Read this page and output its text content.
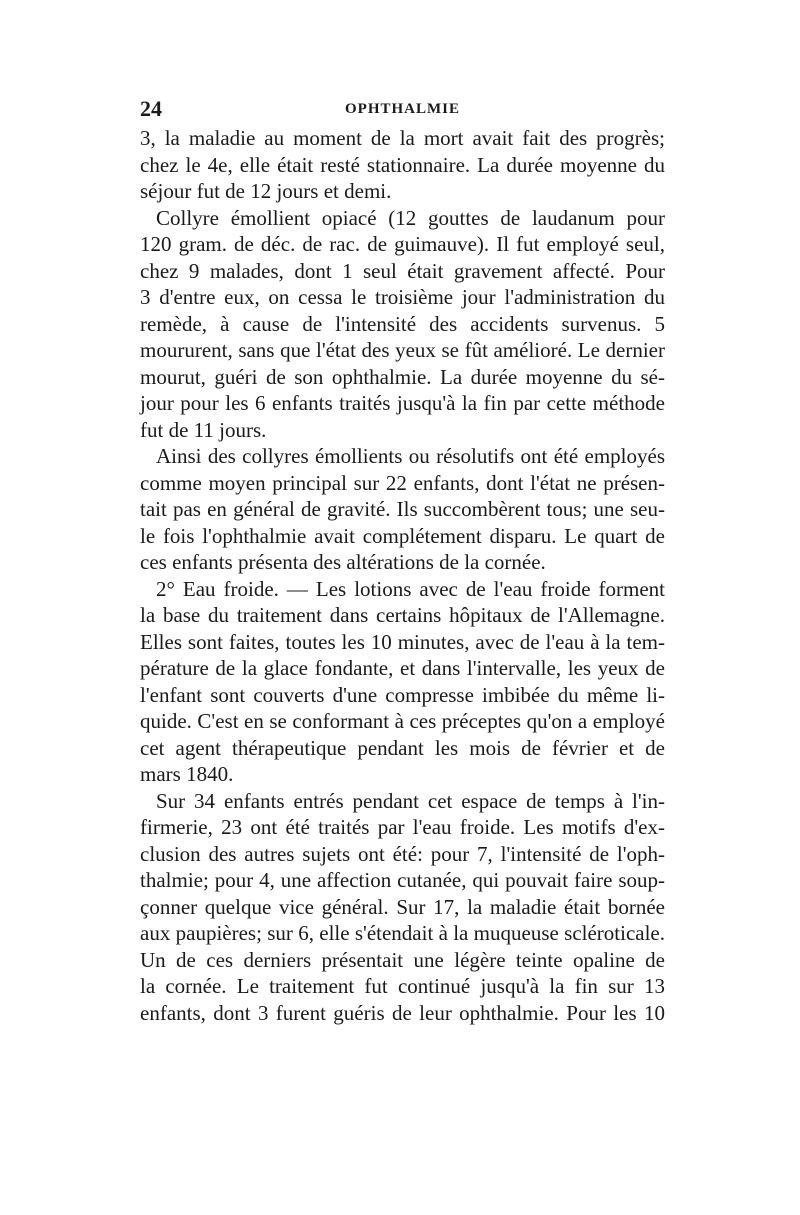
24	OPHTHALMIE
3, la maladie au moment de la mort avait fait des progrès;
chez le 4e, elle était resté stationnaire. La durée moyenne du
séjour fut de 12 jours et demi.
Collyre émollient opiacé (12 gouttes de laudanum pour
120 gram. de déc. de rac. de guimauve). Il fut employé seul,
chez 9 malades, dont 1 seul était gravement affecté. Pour
3 d'entre eux, on cessa le troisième jour l'administration du
remède, à cause de l'intensité des accidents survenus. 5
moururent, sans que l'état des yeux se fût amélioré. Le dernier
mourut, guéri de son ophthalmie. La durée moyenne du sé-
jour pour les 6 enfants traités jusqu'à la fin par cette méthode
fut de 11 jours.
Ainsi des collyres émollients ou résolutifs ont été employés
comme moyen principal sur 22 enfants, dont l'état ne présen-
tait pas en général de gravité. Ils succombèrent tous; une seu-
le fois l'ophthalmie avait complétement disparu. Le quart de
ces enfants présenta des altérations de la cornée.
2° Eau froide. — Les lotions avec de l'eau froide forment
la base du traitement dans certains hôpitaux de l'Allemagne.
Elles sont faites, toutes les 10 minutes, avec de l'eau à la tem-
pérature de la glace fondante, et dans l'intervalle, les yeux de
l'enfant sont couverts d'une compresse imbibée du même li-
quide. C'est en se conformant à ces préceptes qu'on a employé
cet agent thérapeutique pendant les mois de février et de
mars 1840.
Sur 34 enfants entrés pendant cet espace de temps à l'in-
firmerie, 23 ont été traités par l'eau froide. Les motifs d'ex-
clusion des autres sujets ont été: pour 7, l'intensité de l'oph-
thalmie; pour 4, une affection cutanée, qui pouvait faire soup-
çonner quelque vice général. Sur 17, la maladie était bornée
aux paupières; sur 6, elle s'étendait à la muqueuse scléroticale.
Un de ces derniers présentait une légère teinte opaline de
la cornée. Le traitement fut continué jusqu'à la fin sur 13
enfants, dont 3 furent guéris de leur ophthalmie. Pour les 10
